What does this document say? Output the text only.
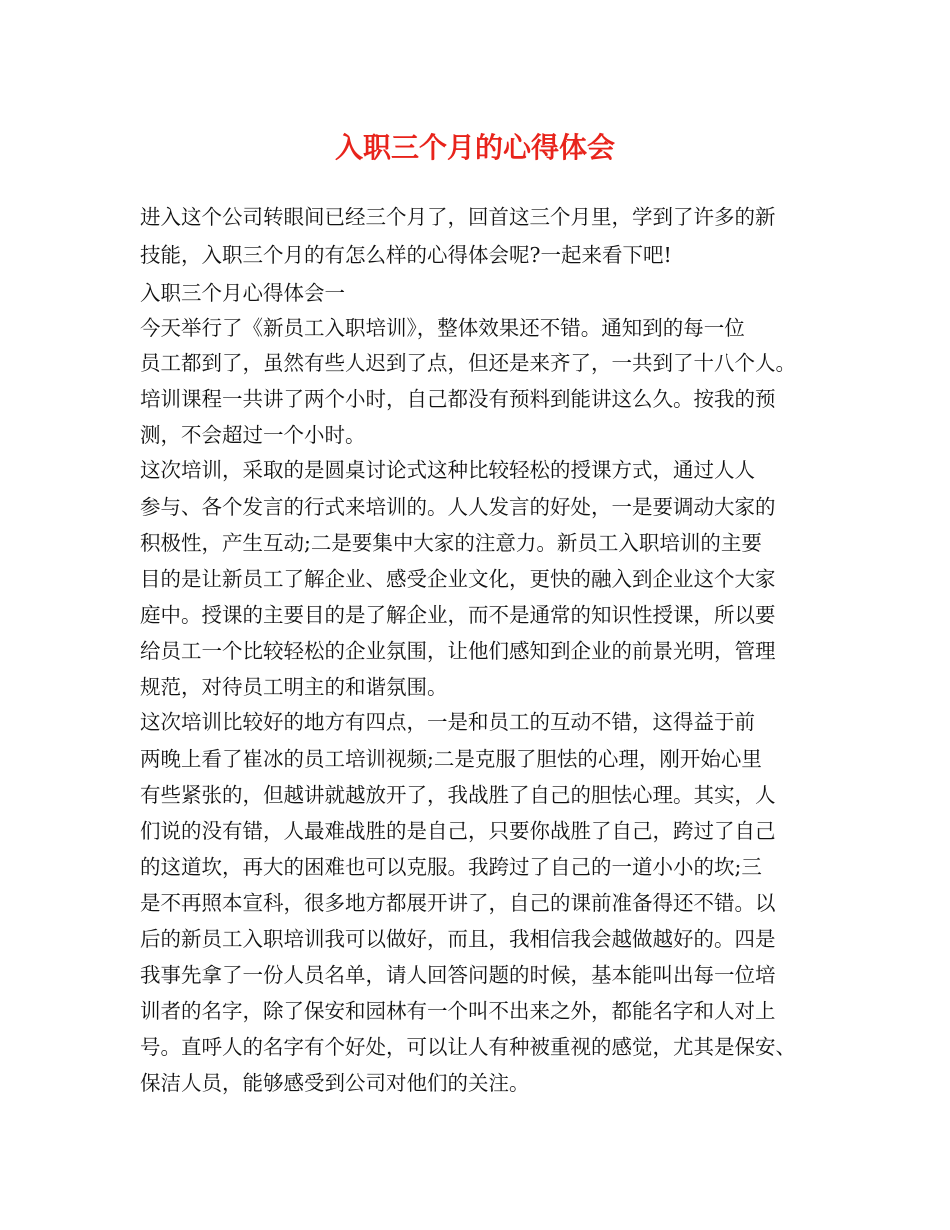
入职三个月的心得体会

进入这个公司转眼间已经三个月了，回首这三个月里，学到了许多的新

技能，入职三个月的有怎么样的心得体会呢?一起来看下吧!

入职三个月心得体会一

今天举行了《新员工入职培训》，整体效果还不错。通知到的每一位

员工都到了，虽然有些人迟到了点，但还是来齐了，一共到了十八个人。

培训课程一共讲了两个小时，自己都没有预料到能讲这么久。按我的预

测，不会超过一个小时。

这次培训，采取的是圆桌讨论式这种比较轻松的授课方式，通过人人

参与、各个发言的行式来培训的。人人发言的好处，一是要调动大家的

积极性，产生互动;二是要集中大家的注意力。新员工入职培训的主要

目的是让新员工了解企业、感受企业文化，更快的融入到企业这个大家

庭中。授课的主要目的是了解企业，而不是通常的知识性授课，所以要

给员工一个比较轻松的企业氛围，让他们感知到企业的前景光明，管理

规范，对待员工明主的和谐氛围。

这次培训比较好的地方有四点，一是和员工的互动不错，这得益于前

两晚上看了崔冰的员工培训视频;二是克服了胆怯的心理，刚开始心里

有些紧张的，但越讲就越放开了，我战胜了自己的胆怯心理。其实，人

们说的没有错，人最难战胜的是自己，只要你战胜了自己，跨过了自己

的这道坎，再大的困难也可以克服。我跨过了自己的一道小小的坎;三

是不再照本宣科，很多地方都展开讲了，自己的课前准备得还不错。以

后的新员工入职培训我可以做好，而且，我相信我会越做越好的。四是

我事先拿了一份人员名单，请人回答问题的时候，基本能叫出每一位培

训者的名字，除了保安和园林有一个叫不出来之外，都能名字和人对上

号。直呼人的名字有个好处，可以让人有种被重视的感觉，尤其是保安、

保洁人员，能够感受到公司对他们的关注。
